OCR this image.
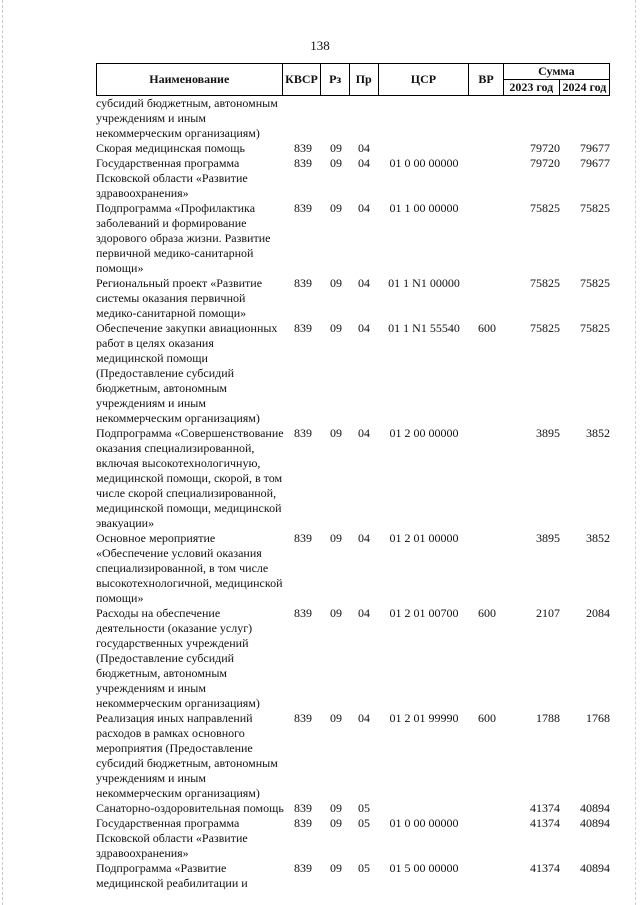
138
Наименование	КВСР	Рз	Пр	ЦСР	ВР	Сумма	
						2023 год	2024 год
субсидий бюджетным, автономным учреждениям и иным некоммерческим организациям)							
Скорая медицинская помощь	839	09	04			79720	79677
Государственная программа Псковской области «Развитие здравоохранения»	839	09	04	01 0 00 00000		79720	79677
Подпрограмма «Профилактика заболеваний и формирование здорового образа жизни. Развитие первичной медико-санитарной помощи»	839	09	04	01 1 00 00000		75825	75825
Региональный проект «Развитие системы оказания первичной медико-санитарной помощи»	839	09	04	01 1 N1 00000		75825	75825
Обеспечение закупки авиационных работ в целях оказания медицинской помощи (Предоставление субсидий бюджетным, автономным учреждениям и иным некоммерческим организациям)	839	09	04	01 1 N1 55540	600	75825	75825
Подпрограмма «Совершенствование оказания специализированной, включая высокотехнологичную, медицинской помощи, скорой, в том числе скорой специализированной, медицинской помощи, медицинской эвакуации»	839	09	04	01 2 00 00000		3895	3852
Основное мероприятие «Обеспечение условий оказания специализированной, в том числе высокотехнологичной, медицинской помощи»	839	09	04	01 2 01 00000		3895	3852
Расходы на обеспечение деятельности (оказание услуг) государственных учреждений (Предоставление субсидий бюджетным, автономным учреждениям и иным некоммерческим организациям)	839	09	04	01 2 01 00700	600	2107	2084
Реализация иных направлений расходов в рамках основного мероприятия (Предоставление субсидий бюджетным, автономным учреждениям и иным некоммерческим организациям)	839	09	04	01 2 01 99990	600	1788	1768
Санаторно-оздоровительная помощь	839	09	05			41374	40894
Государственная программа Псковской области «Развитие здравоохранения»	839	09	05	01 0 00 00000		41374	40894
Подпрограмма «Развитие медицинской реабилитации и	839	09	05	01 5 00 00000		41374	40894
